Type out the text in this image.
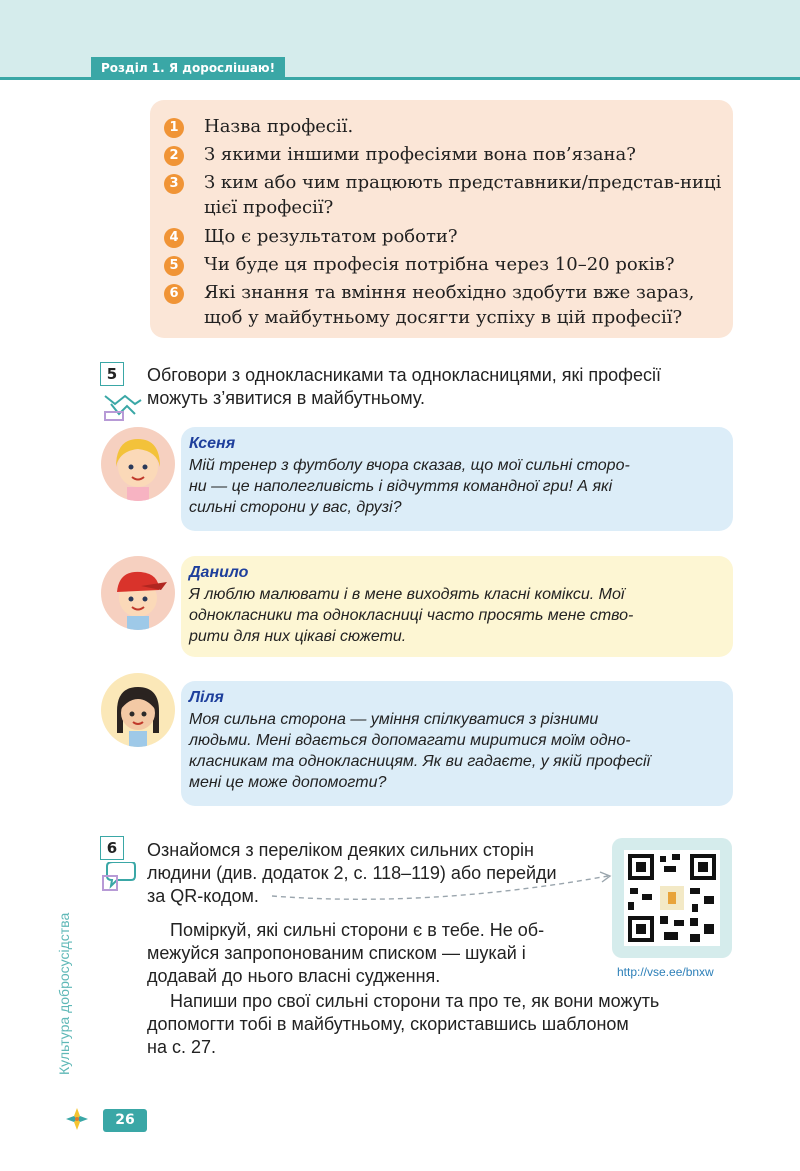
Розділ 1. Я дорослішаю!
1	Назва професії.
2	З якими іншими професіями вона пов’язана?
3	З ким або чим працюють представники/представ-ниці цієї професії?
4	Що є результатом роботи?
5	Чи буде ця професія потрібна через 10–20 років?
6	Які знання та вміння необхідно здобути вже зараз, щоб у майбутньому досягти успіху в цій професії?
5	Обговори з однокласниками та однокласницями, які професії
можуть з’явитися в майбутньому.
Ксеня
Мій тренер з футболу вчора сказав, що мої сильні сторо-
ни — це наполегливість і відчуття командної гри! А які
сильні сторони у вас, друзі?
Данило
Я люблю малювати і в мене виходять класні комікси. Мої
однокласники та однокласниці часто просять мене ство-
рити для них цікаві сюжети.
Ліля
Моя сильна сторона — уміння спілкуватися з різними
людьми. Мені вдається допомагати миритися моїм одно-
класникам та однокласницям. Як ви гадаєте, у якій професії
мені це може допомогти?
6	Ознайомся з переліком деяких сильних сторін
людини (див. додаток 2, с. 118–119) або перейди
за QR-кодом.
Поміркуй, які сильні сторони є в тебе. Не об-
межуйся запропонованим списком — шукай і
додавай до нього власні судження.
Напиши про свої сильні сторони та про те, як вони можуть
допомогти тобі в майбутньому, скориставшись шаблоном
на с. 27.
http://vse.ee/bnxw
Культура добросусідства
26
